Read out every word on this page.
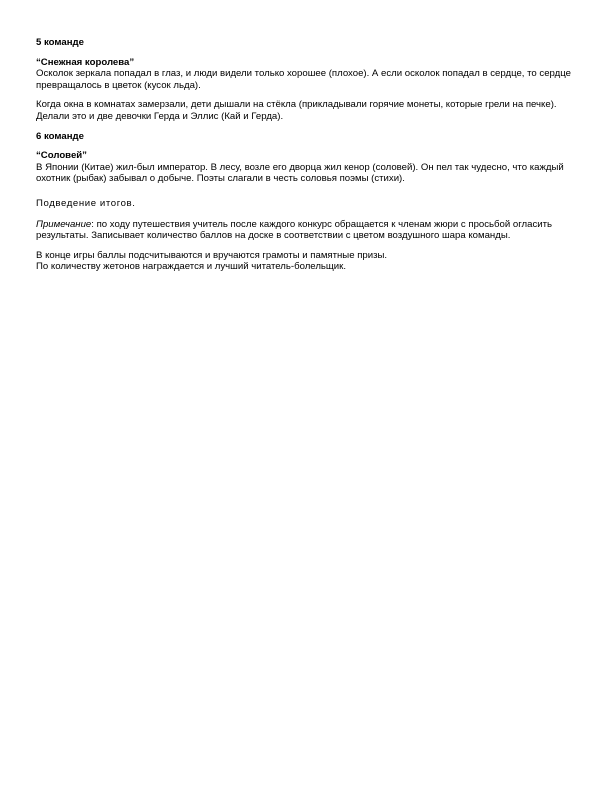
5 команде

“Снежная королева”

Осколок зеркала попадал в глаз, и люди видели только хорошее (плохое). А если осколок попадал в сердце, то сердце превращалось в цветок (кусок льда).

Когда окна в комнатах замерзали, дети дышали на стёкла (прикладывали горячие монеты, которые грели на печке). Делали это и две девочки Герда и Эллис (Кай и Герда).

6 команде

“Соловей”

В Японии (Китае) жил-был император. В лесу, возле его дворца жил кенор (соловей). Он пел так чудесно, что каждый охотник (рыбак) забывал о добыче. Поэты слагали в честь соловья поэмы (стихи).

Подведение итогов.

Примечание: по ходу путешествия учитель после каждого конкурс обращается к членам жюри с просьбой огласить результаты. Записывает количество баллов на доске в соответствии с цветом воздушного шара команды.

В конце игры баллы подсчитываются и вручаются грамоты и памятные призы.

По количеству жетонов награждается и лучший читатель-болельщик.
